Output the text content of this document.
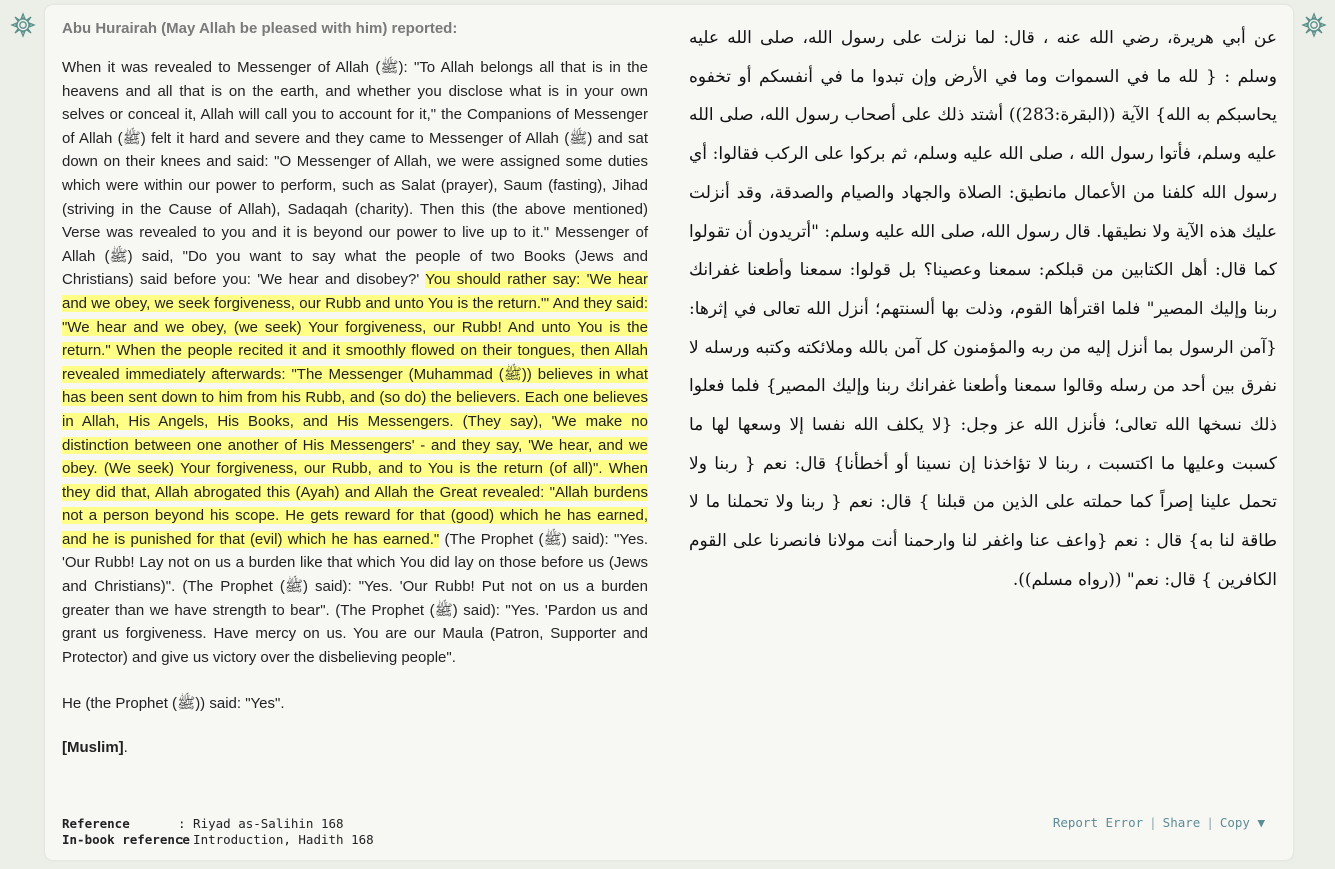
Abu Hurairah (May Allah be pleased with him) reported:

When it was revealed to Messenger of Allah (ﷺ): "To Allah belongs all that is in the heavens and all that is on the earth, and whether you disclose what is in your own selves or conceal it, Allah will call you to account for it," the Companions of Messenger of Allah (ﷺ) felt it hard and severe and they came to Messenger of Allah (ﷺ) and sat down on their knees and said: "O Messenger of Allah, we were assigned some duties which were within our power to perform, such as Salat (prayer), Saum (fasting), Jihad (striving in the Cause of Allah), Sadaqah (charity). Then this (the above mentioned) Verse was revealed to you and it is beyond our power to live up to it." Messenger of Allah (ﷺ) said, "Do you want to say what the people of two Books (Jews and Christians) said before you: 'We hear and disobey?' You should rather say: 'We hear and we obey, we seek forgiveness, our Rubb and unto You is the return."' And they said: "We hear and we obey, (we seek) Your forgiveness, our Rubb! And unto You is the return." When the people recited it and it smoothly flowed on their tongues, then Allah revealed immediately afterwards: "The Messenger (Muhammad (ﷺ)) believes in what has been sent down to him from his Rubb, and (so do) the believers. Each one believes in Allah, His Angels, His Books, and His Messengers. (They say), 'We make no distinction between one another of His Messengers' - and they say, 'We hear, and we obey. (We seek) Your forgiveness, our Rubb, and to You is the return (of all)". When they did that, Allah abrogated this (Ayah) and Allah the Great revealed: "Allah burdens not a person beyond his scope. He gets reward for that (good) which he has earned, and he is punished for that (evil) which he has earned." (The Prophet (ﷺ) said): "Yes. 'Our Rubb! Lay not on us a burden like that which You did lay on those before us (Jews and Christians)". (The Prophet (ﷺ) said): "Yes. 'Our Rubb! Put not on us a burden greater than we have strength to bear". (The Prophet (ﷺ) said): "Yes. 'Pardon us and grant us forgiveness. Have mercy on us. You are our Maula (Patron, Supporter and Protector) and give us victory over the disbelieving people".

He (the Prophet (ﷺ)) said: "Yes".

[Muslim].

عن أبي هريرة، رضي الله عنه ، قال: لما نزلت على رسول الله، صلى الله عليه وسلم : { لله ما في السموات وما في الأرض وإن تبدوا ما في أنفسكم أو تخفوه يحاسبكم به الله} الآية ((البقرة:283)) أشتد ذلك على أصحاب رسول الله، صلى الله عليه وسلم، فأتوا رسول الله ، صلى الله عليه وسلم، ثم بركوا على الركب فقالوا: أي رسول الله كلفنا من الأعمال مانطيق: الصلاة والجهاد والصيام والصدقة، وقد أنزلت عليك هذه الآية ولا نطيقها. قال رسول الله، صلى الله عليه وسلم: "أتريدون أن تقولوا كما قال: أهل الكتابين من قبلكم: سمعنا وعصينا؟ بل قولوا: سمعنا وأطعنا غفرانك ربنا وإليك المصير" فلما اقترأها القوم، وذلت بها ألسنتهم؛ أنزل الله تعالى في إثرها: {آمن الرسول بما أنزل إليه من ربه والمؤمنون كل آمن بالله وملائكته وكتبه ورسله لا نفرق بين أحد من رسله وقالوا سمعنا وأطعنا غفرانك ربنا وإليك المصير} فلما فعلوا ذلك نسخها الله تعالى؛ فأنزل الله عز وجل: {لا يكلف الله نفسا إلا وسعها لها ما كسبت وعليها ما اكتسبت ، ربنا لا تؤاخذنا إن نسينا أو أخطأنا} قال: نعم { ربنا ولا تحمل علينا إصراً كما حملته على الذين من قبلنا } قال: نعم { ربنا ولا تحملنا ما لا طاقة لنا به} قال : نعم {واعف عنا واغفر لنا وارحمنا أنت مولانا فانصرنا على القوم الكافرين } قال: نعم" ((رواه مسلم)).
Reference	: Riyad as-Salihin 168
In-book reference: Introduction, Hadith 168
Report Error | Share | Copy ▼
